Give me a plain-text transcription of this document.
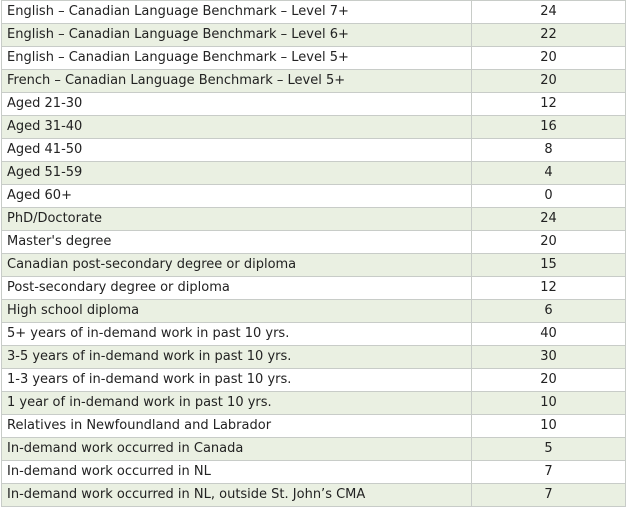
English – Canadian Language Benchmark – Level 7+	24
English – Canadian Language Benchmark – Level 6+	22
English – Canadian Language Benchmark – Level 5+	20
French – Canadian Language Benchmark – Level 5+	20
Aged 21-30	12
Aged 31-40	16
Aged 41-50	8
Aged 51-59	4
Aged 60+	0
PhD/Doctorate	24
Master's degree	20
Canadian post-secondary degree or diploma	15
Post-secondary degree or diploma	12
High school diploma	6
5+ years of in-demand work in past 10 yrs.	40
3-5 years of in-demand work in past 10 yrs.	30
1-3 years of in-demand work in past 10 yrs.	20
1 year of in-demand work in past 10 yrs.	10
Relatives in Newfoundland and Labrador	10
In-demand work occurred in Canada	5
In-demand work occurred in NL	7
In-demand work occurred in NL, outside St. John’s CMA	7
